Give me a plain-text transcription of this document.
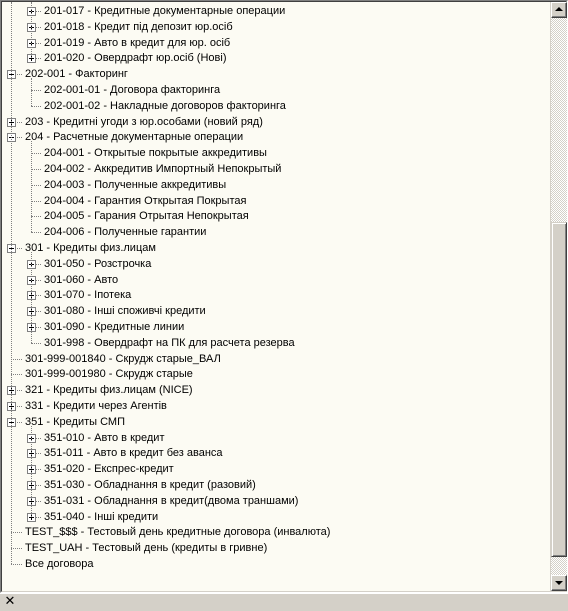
201-017 - Кредитные документарные операции
201-018 - Кредит під депозит юр.осіб
201-019 - Авто в кредит для юр. осіб
201-020 - Овердрафт юр.осіб (Нові)
202-001 - Факторинг
202-001-01 - Договора факторинга
202-001-02 - Накладные договоров факторинга
203 - Кредитні угоди з юр.особами (новий ряд)
204 - Расчетные документарные операции
204-001 - Открытые покрытые аккредитивы
204-002 - Аккредитив Импортный Непокрытый
204-003 - Полученные аккредитивы
204-004 - Гарантия Открытая Покрытая
204-005 - Гарания Отрытая Непокрытая
204-006 - Полученные гарантии
301 - Кредиты физ.лицам
301-050 - Розстрочка
301-060 - Авто
301-070 - Іпотека
301-080 - Інші споживчі кредити
301-090 - Кредитные линии
301-998 - Овердрафт на ПК для расчета резерва
301-999-001840 - Скрудж старые_ВАЛ
301-999-001980 - Скрудж старые
321 - Кредиты физ.лицам (NICE)
331 - Кредити через Агентів
351 - Кредиты СМП
351-010 - Авто в кредит
351-011 - Авто в кредит без аванса
351-020 - Експрес-кредит
351-030 - Обладнання в кредит (разовий)
351-031 - Обладнання в кредит(двома траншами)
351-040 - Інші кредити
TEST_$$$ - Тестовый день кредитные договора (инвалюта)
TEST_UAH - Тестовый день (кредиты в гривне)
Все договора
✕
